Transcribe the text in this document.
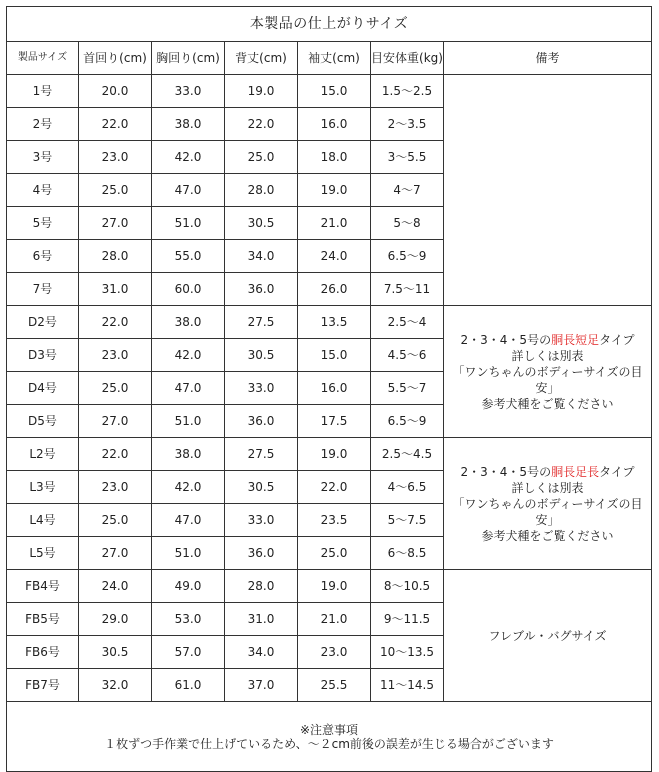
本製品の仕上がりサイズ						
製品サイズ	首回り(cm)	胸回り(cm)	背丈(cm)	袖丈(cm)	目安体重(kg)	備考
1号	20.0	33.0	19.0	15.0	1.5～2.5	

2号	22.0	38.0	22.0	16.0	2～3.5	
3号	23.0	42.0	25.0	18.0	3～5.5	
4号	25.0	47.0	28.0	19.0	4～7	
5号	27.0	51.0	30.5	21.0	5～8	
6号	28.0	55.0	34.0	24.0	6.5～9	
7号	31.0	60.0	36.0	26.0	7.5～11	
D2号	22.0	38.0	27.5	13.5	2.5～4	2・3・4・5号の胴長短足タイプ
詳しくは別表
「ワンちゃんのボディーサイズの目安」
参考犬種をご覧ください

D3号	23.0	42.0	30.5	15.0	4.5～6	
D4号	25.0	47.0	33.0	16.0	5.5～7	
D5号	27.0	51.0	36.0	17.5	6.5～9	
L2号	22.0	38.0	27.5	19.0	2.5～4.5	2・3・4・5号の胴長足長タイプ
詳しくは別表
「ワンちゃんのボディーサイズの目安」
参考犬種をご覧ください

L3号	23.0	42.0	30.5	22.0	4～6.5	
L4号	25.0	47.0	33.0	23.5	5～7.5	
L5号	27.0	51.0	36.0	25.0	6～8.5	
FB4号	24.0	49.0	28.0	19.0	8～10.5	フレブル・バグサイズ

FB5号	29.0	53.0	31.0	21.0	9～11.5	
FB6号	30.5	57.0	34.0	23.0	10～13.5	
FB7号	32.0	61.0	37.0	25.5	11～14.5	

※注意事項
１枚ずつ手作業で仕上げているため、～２cm前後の誤差が生じる場合がございます						
